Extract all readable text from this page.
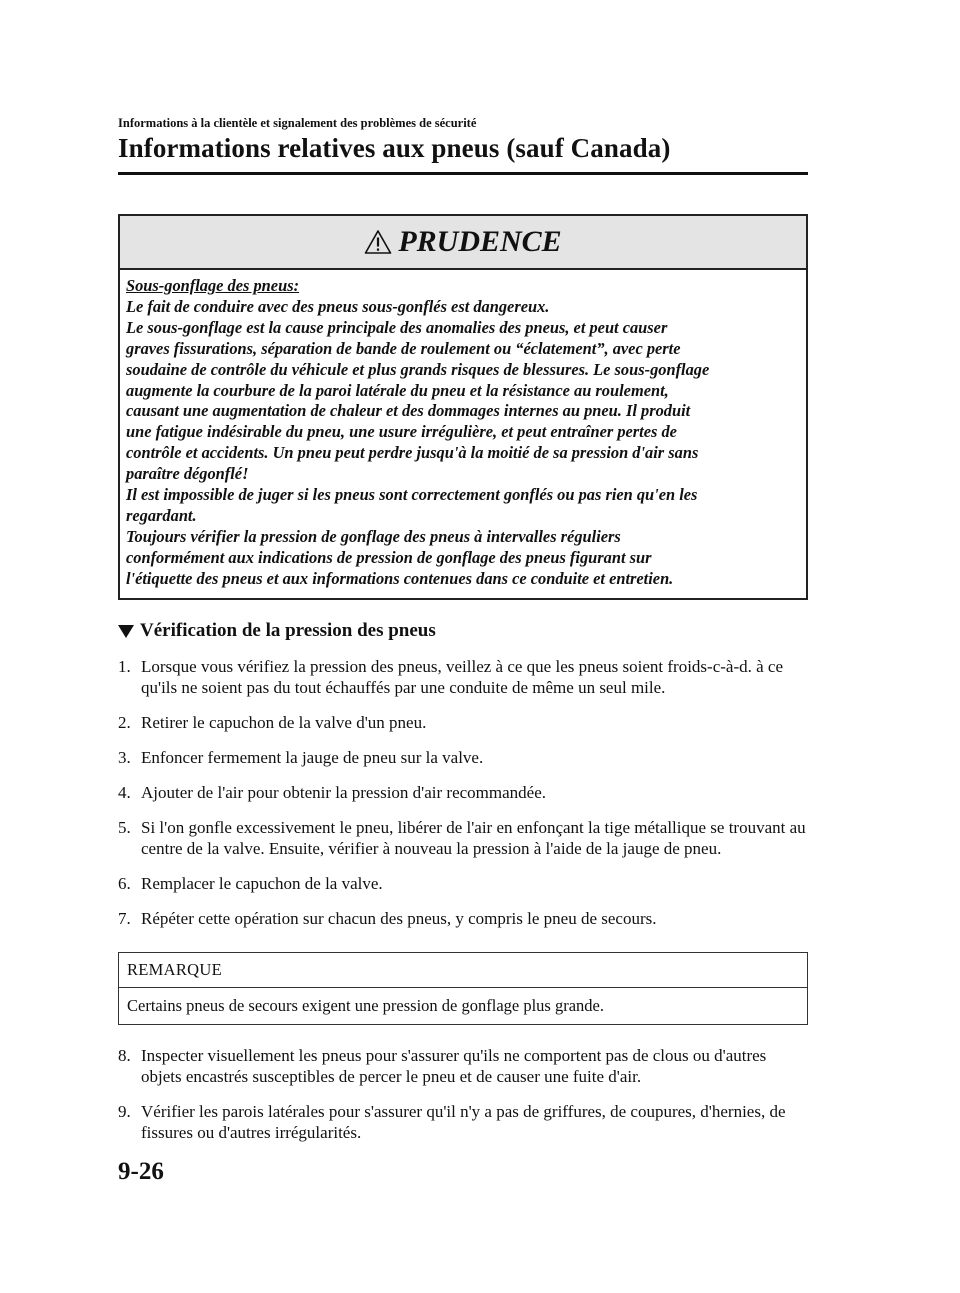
Informations à la clientèle et signalement des problèmes de sécurité
Informations relatives aux pneus (sauf Canada)
PRUDENCE

Sous-gonflage des pneus:

Le fait de conduire avec des pneus sous-gonflés est dangereux.

Le sous-gonflage est la cause principale des anomalies des pneus, et peut causer

graves fissurations, séparation de bande de roulement ou “éclatement”, avec perte

soudaine de contrôle du véhicule et plus grands risques de blessures. Le sous-gonflage

augmente la courbure de la paroi latérale du pneu et la résistance au roulement,

causant une augmentation de chaleur et des dommages internes au pneu. Il produit

une fatigue indésirable du pneu, une usure irrégulière, et peut entraîner pertes de

contrôle et accidents. Un pneu peut perdre jusqu'à la moitié de sa pression d'air sans

paraître dégonflé!

Il est impossible de juger si les pneus sont correctement gonflés ou pas rien qu'en les

regardant.

Toujours vérifier la pression de gonflage des pneus à intervalles réguliers

conformément aux indications de pression de gonflage des pneus figurant sur

l'étiquette des pneus et aux informations contenues dans ce conduite et entretien.

Vérification de la pression des pneus
1. Lorsque vous vérifiez la pression des pneus, veillez à ce que les pneus soient froids-c-à-d. à ce qu'ils ne soient pas du tout échauffés par une conduite de même un seul mile.
2. Retirer le capuchon de la valve d'un pneu.
3. Enfoncer fermement la jauge de pneu sur la valve.
4. Ajouter de l'air pour obtenir la pression d'air recommandée.
5. Si l'on gonfle excessivement le pneu, libérer de l'air en enfonçant la tige métallique se trouvant au centre de la valve. Ensuite, vérifier à nouveau la pression à l'aide de la jauge de pneu.
6. Remplacer le capuchon de la valve.
7. Répéter cette opération sur chacun des pneus, y compris le pneu de secours.
REMARQUE
Certains pneus de secours exigent une pression de gonflage plus grande.
8. Inspecter visuellement les pneus pour s'assurer qu'ils ne comportent pas de clous ou d'autres objets encastrés susceptibles de percer le pneu et de causer une fuite d'air.
9. Vérifier les parois latérales pour s'assurer qu'il n'y a pas de griffures, de coupures, d'hernies, de fissures ou d'autres irrégularités.
9-26
